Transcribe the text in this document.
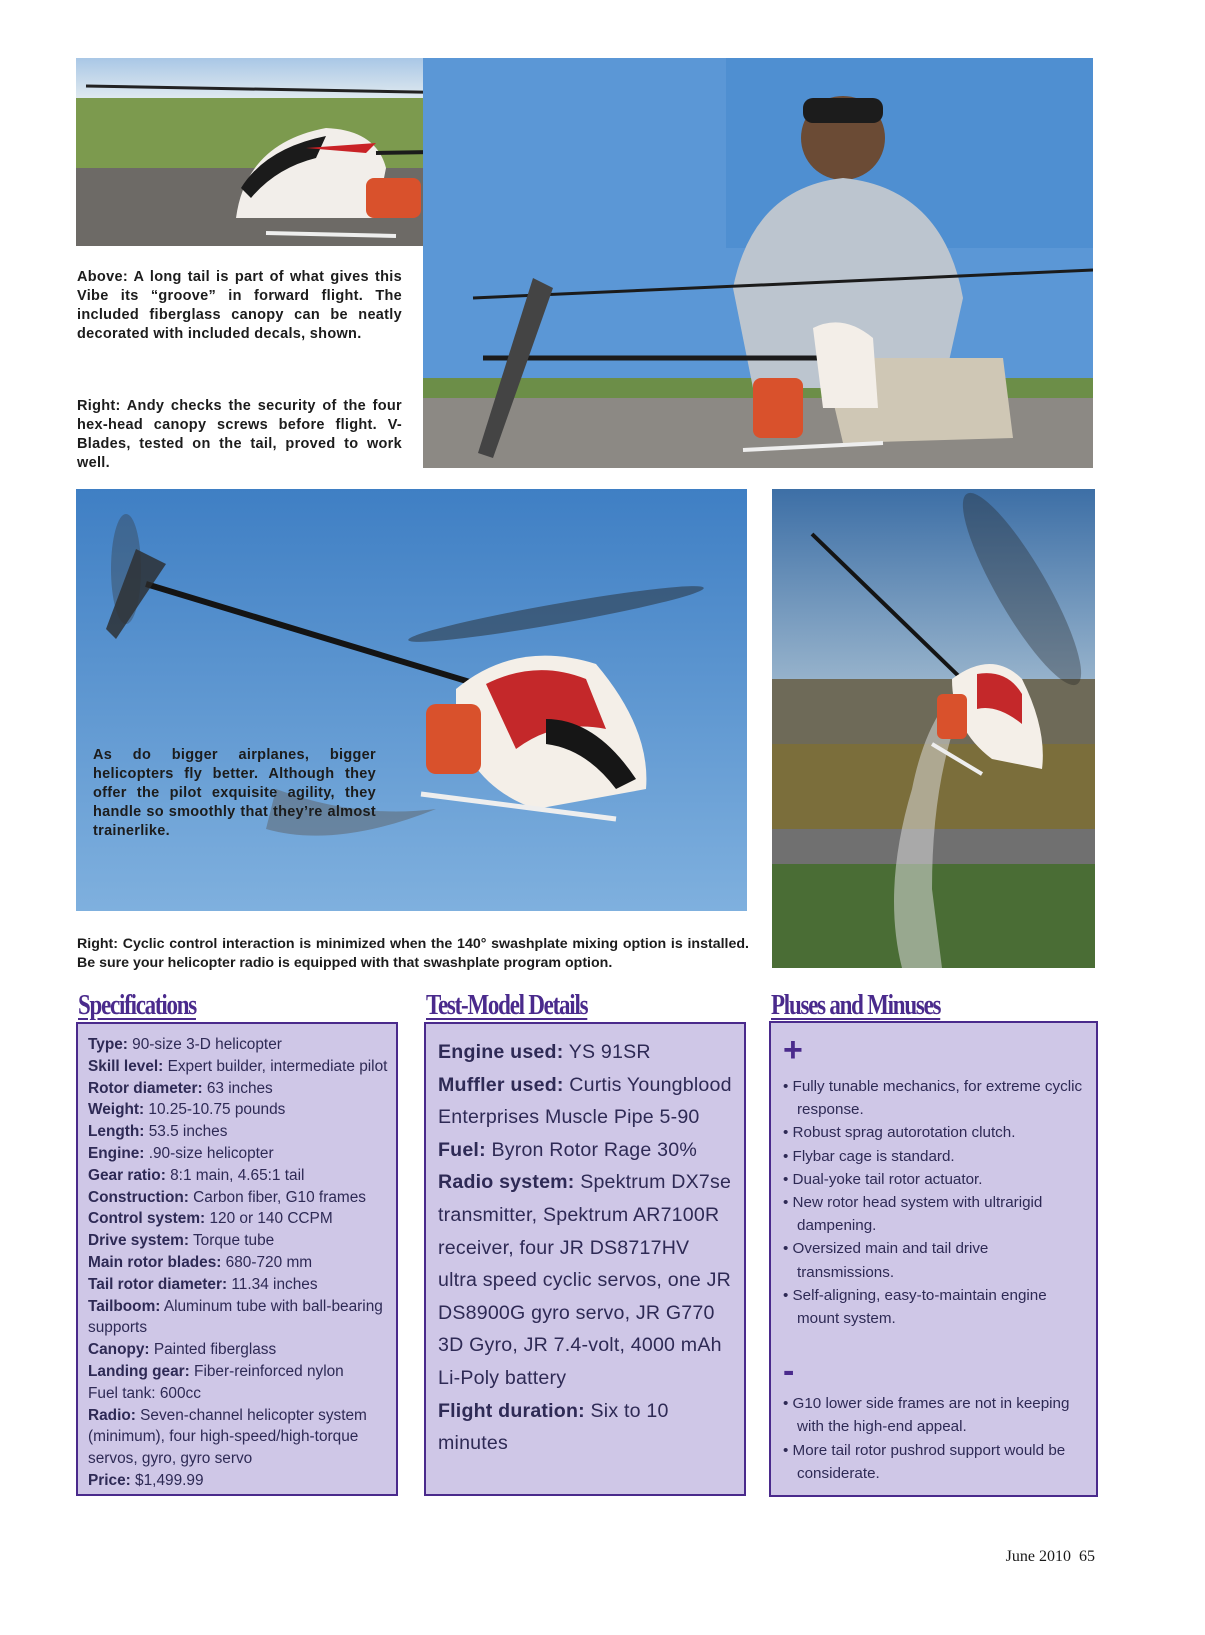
Above: A long tail is part of what gives this Vibe its “groove” in forward flight. The included fiberglass canopy can be neatly decorated with included decals, shown.
Right: Andy checks the security of the four hex-head canopy screws before flight. V-Blades, tested on the tail, proved to work well.
As do bigger airplanes, bigger helicopters fly better. Although they offer the pilot exquisite agility, they handle so smoothly that they’re almost trainerlike.
Right: Cyclic control interaction is minimized when the 140° swashplate mixing option is installed. Be sure your helicopter radio is equipped with that swashplate program option.
Specifications
Type: 90-size 3-D helicopter
Skill level: Expert builder, intermediate pilot
Rotor diameter: 63 inches
Weight: 10.25-10.75 pounds
Length: 53.5 inches
Engine: .90-size helicopter
Gear ratio: 8:1 main, 4.65:1 tail
Construction: Carbon fiber, G10 frames
Control system: 120 or 140 CCPM
Drive system: Torque tube
Main rotor blades: 680-720 mm
Tail rotor diameter: 11.34 inches
Tailboom: Aluminum tube with ball-bearing supports
Canopy: Painted fiberglass
Landing gear: Fiber-reinforced nylon
Fuel tank: 600cc
Radio: Seven-channel helicopter system (minimum), four high-speed/high-torque servos, gyro, gyro servo
Price: $1,499.99
Test-Model Details
Engine used: YS 91SR
Muffler used: Curtis Youngblood Enterprises Muscle Pipe 5-90
Fuel: Byron Rotor Rage 30%
Radio system: Spektrum DX7se transmitter, Spektrum AR7100R receiver, four JR DS8717HV ultra speed cyclic servos, one JR DS8900G gyro servo, JR G770 3D Gyro, JR 7.4-volt, 4000 mAh Li-Poly battery
Flight duration: Six to 10 minutes
Pluses and Minuses
+
• Fully tunable mechanics, for extreme cyclic response.
• Robust sprag autorotation clutch.
• Flybar cage is standard.
• Dual-yoke tail rotor actuator.
• New rotor head system with ultrarigid dampening.
• Oversized main and tail drive transmissions.
• Self-aligning, easy-to-maintain engine mount system.
-
• G10 lower side frames are not in keeping with the high-end appeal.
• More tail rotor pushrod support would be considerate.
June 2010 65
